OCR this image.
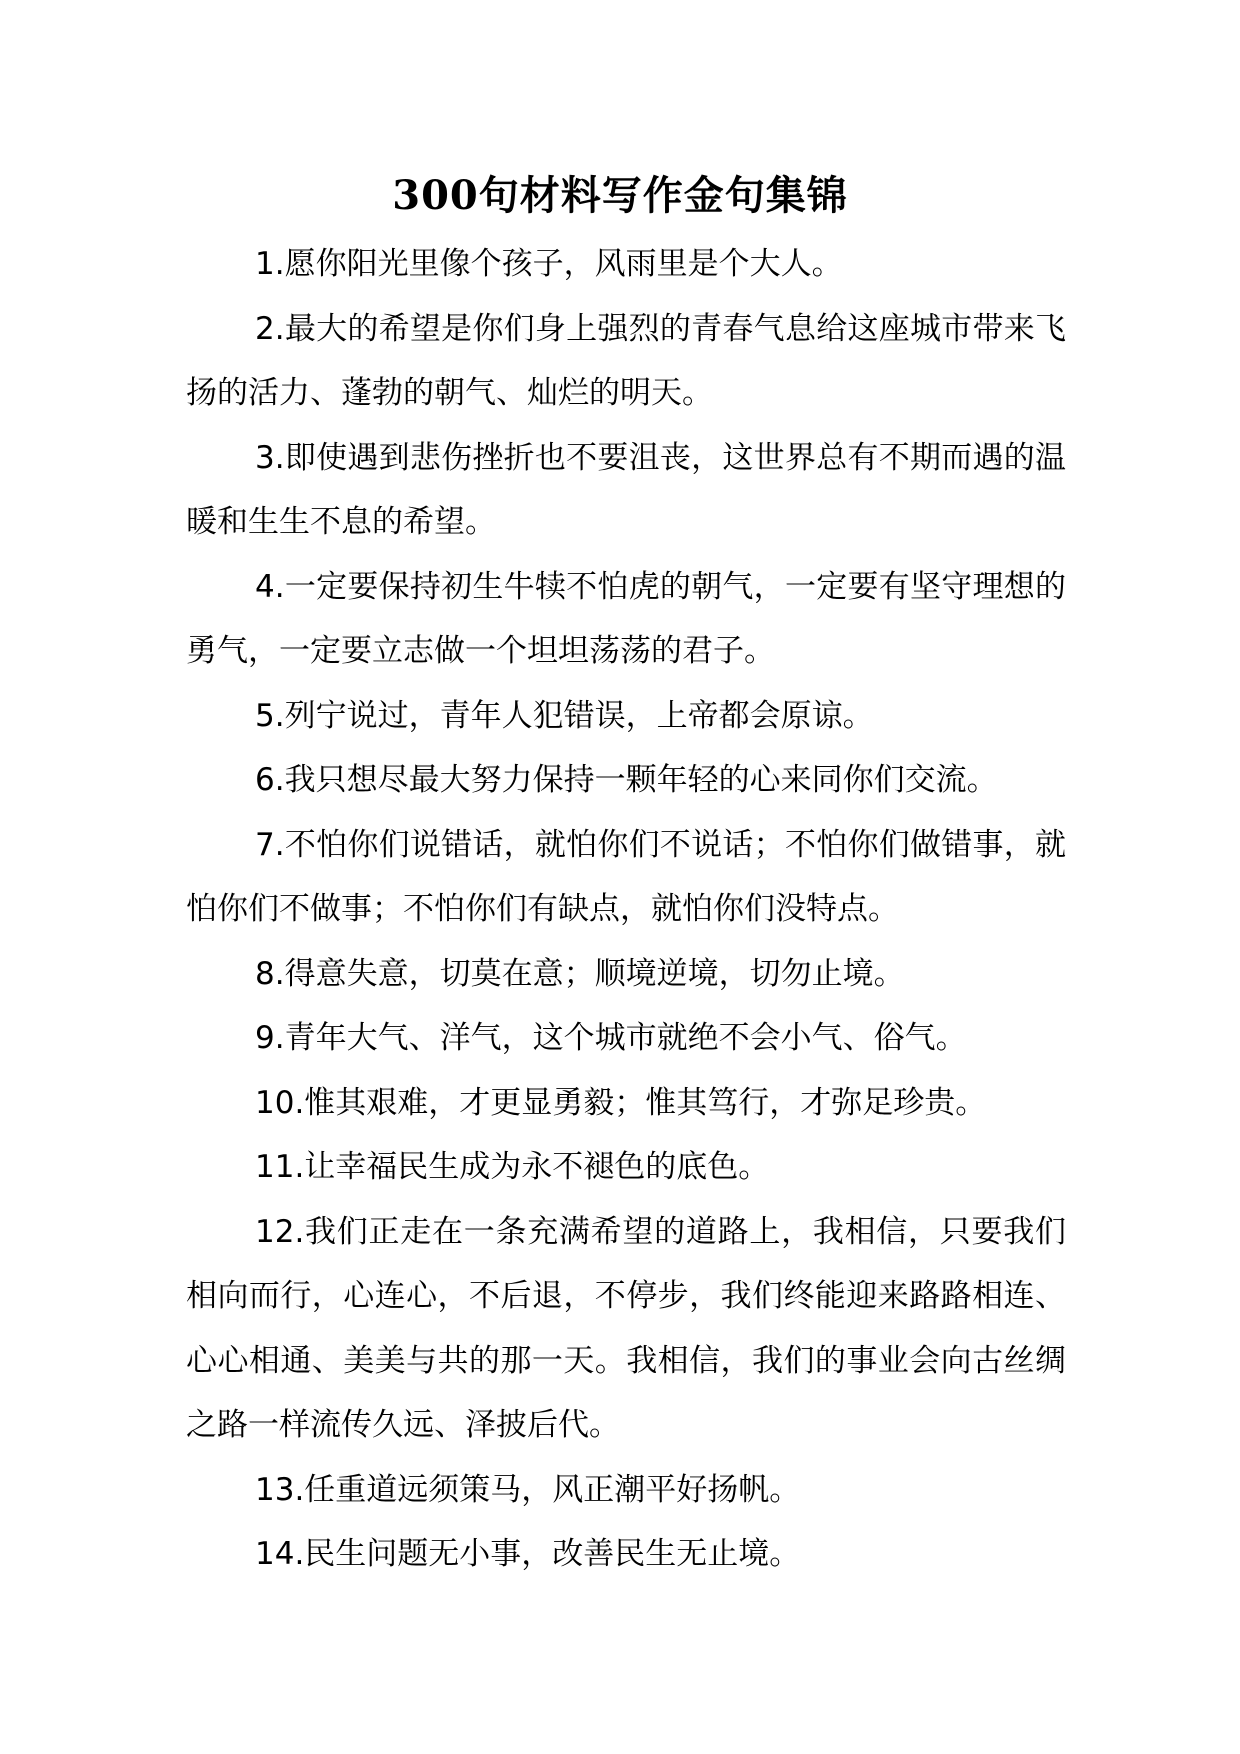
300句材料写作金句集锦

1.愿你阳光里像个孩子，风雨里是个大人。

2.最大的希望是你们身上强烈的青春气息给这座城市带来飞扬的活力、蓬勃的朝气、灿烂的明天。

3.即使遇到悲伤挫折也不要沮丧，这世界总有不期而遇的温暖和生生不息的希望。

4.一定要保持初生牛犊不怕虎的朝气，一定要有坚守理想的勇气，一定要立志做一个坦坦荡荡的君子。

5.列宁说过，青年人犯错误，上帝都会原谅。

6.我只想尽最大努力保持一颗年轻的心来同你们交流。

7.不怕你们说错话，就怕你们不说话；不怕你们做错事，就怕你们不做事；不怕你们有缺点，就怕你们没特点。

8.得意失意，切莫在意；顺境逆境，切勿止境。

9.青年大气、洋气，这个城市就绝不会小气、俗气。

10.惟其艰难，才更显勇毅；惟其笃行，才弥足珍贵。

11.让幸福民生成为永不褪色的底色。

12.我们正走在一条充满希望的道路上，我相信，只要我们相向而行，心连心，不后退，不停步，我们终能迎来路路相连、心心相通、美美与共的那一天。我相信，我们的事业会向古丝绸之路一样流传久远、泽披后代。

13.任重道远须策马，风正潮平好扬帆。

14.民生问题无小事，改善民生无止境。
